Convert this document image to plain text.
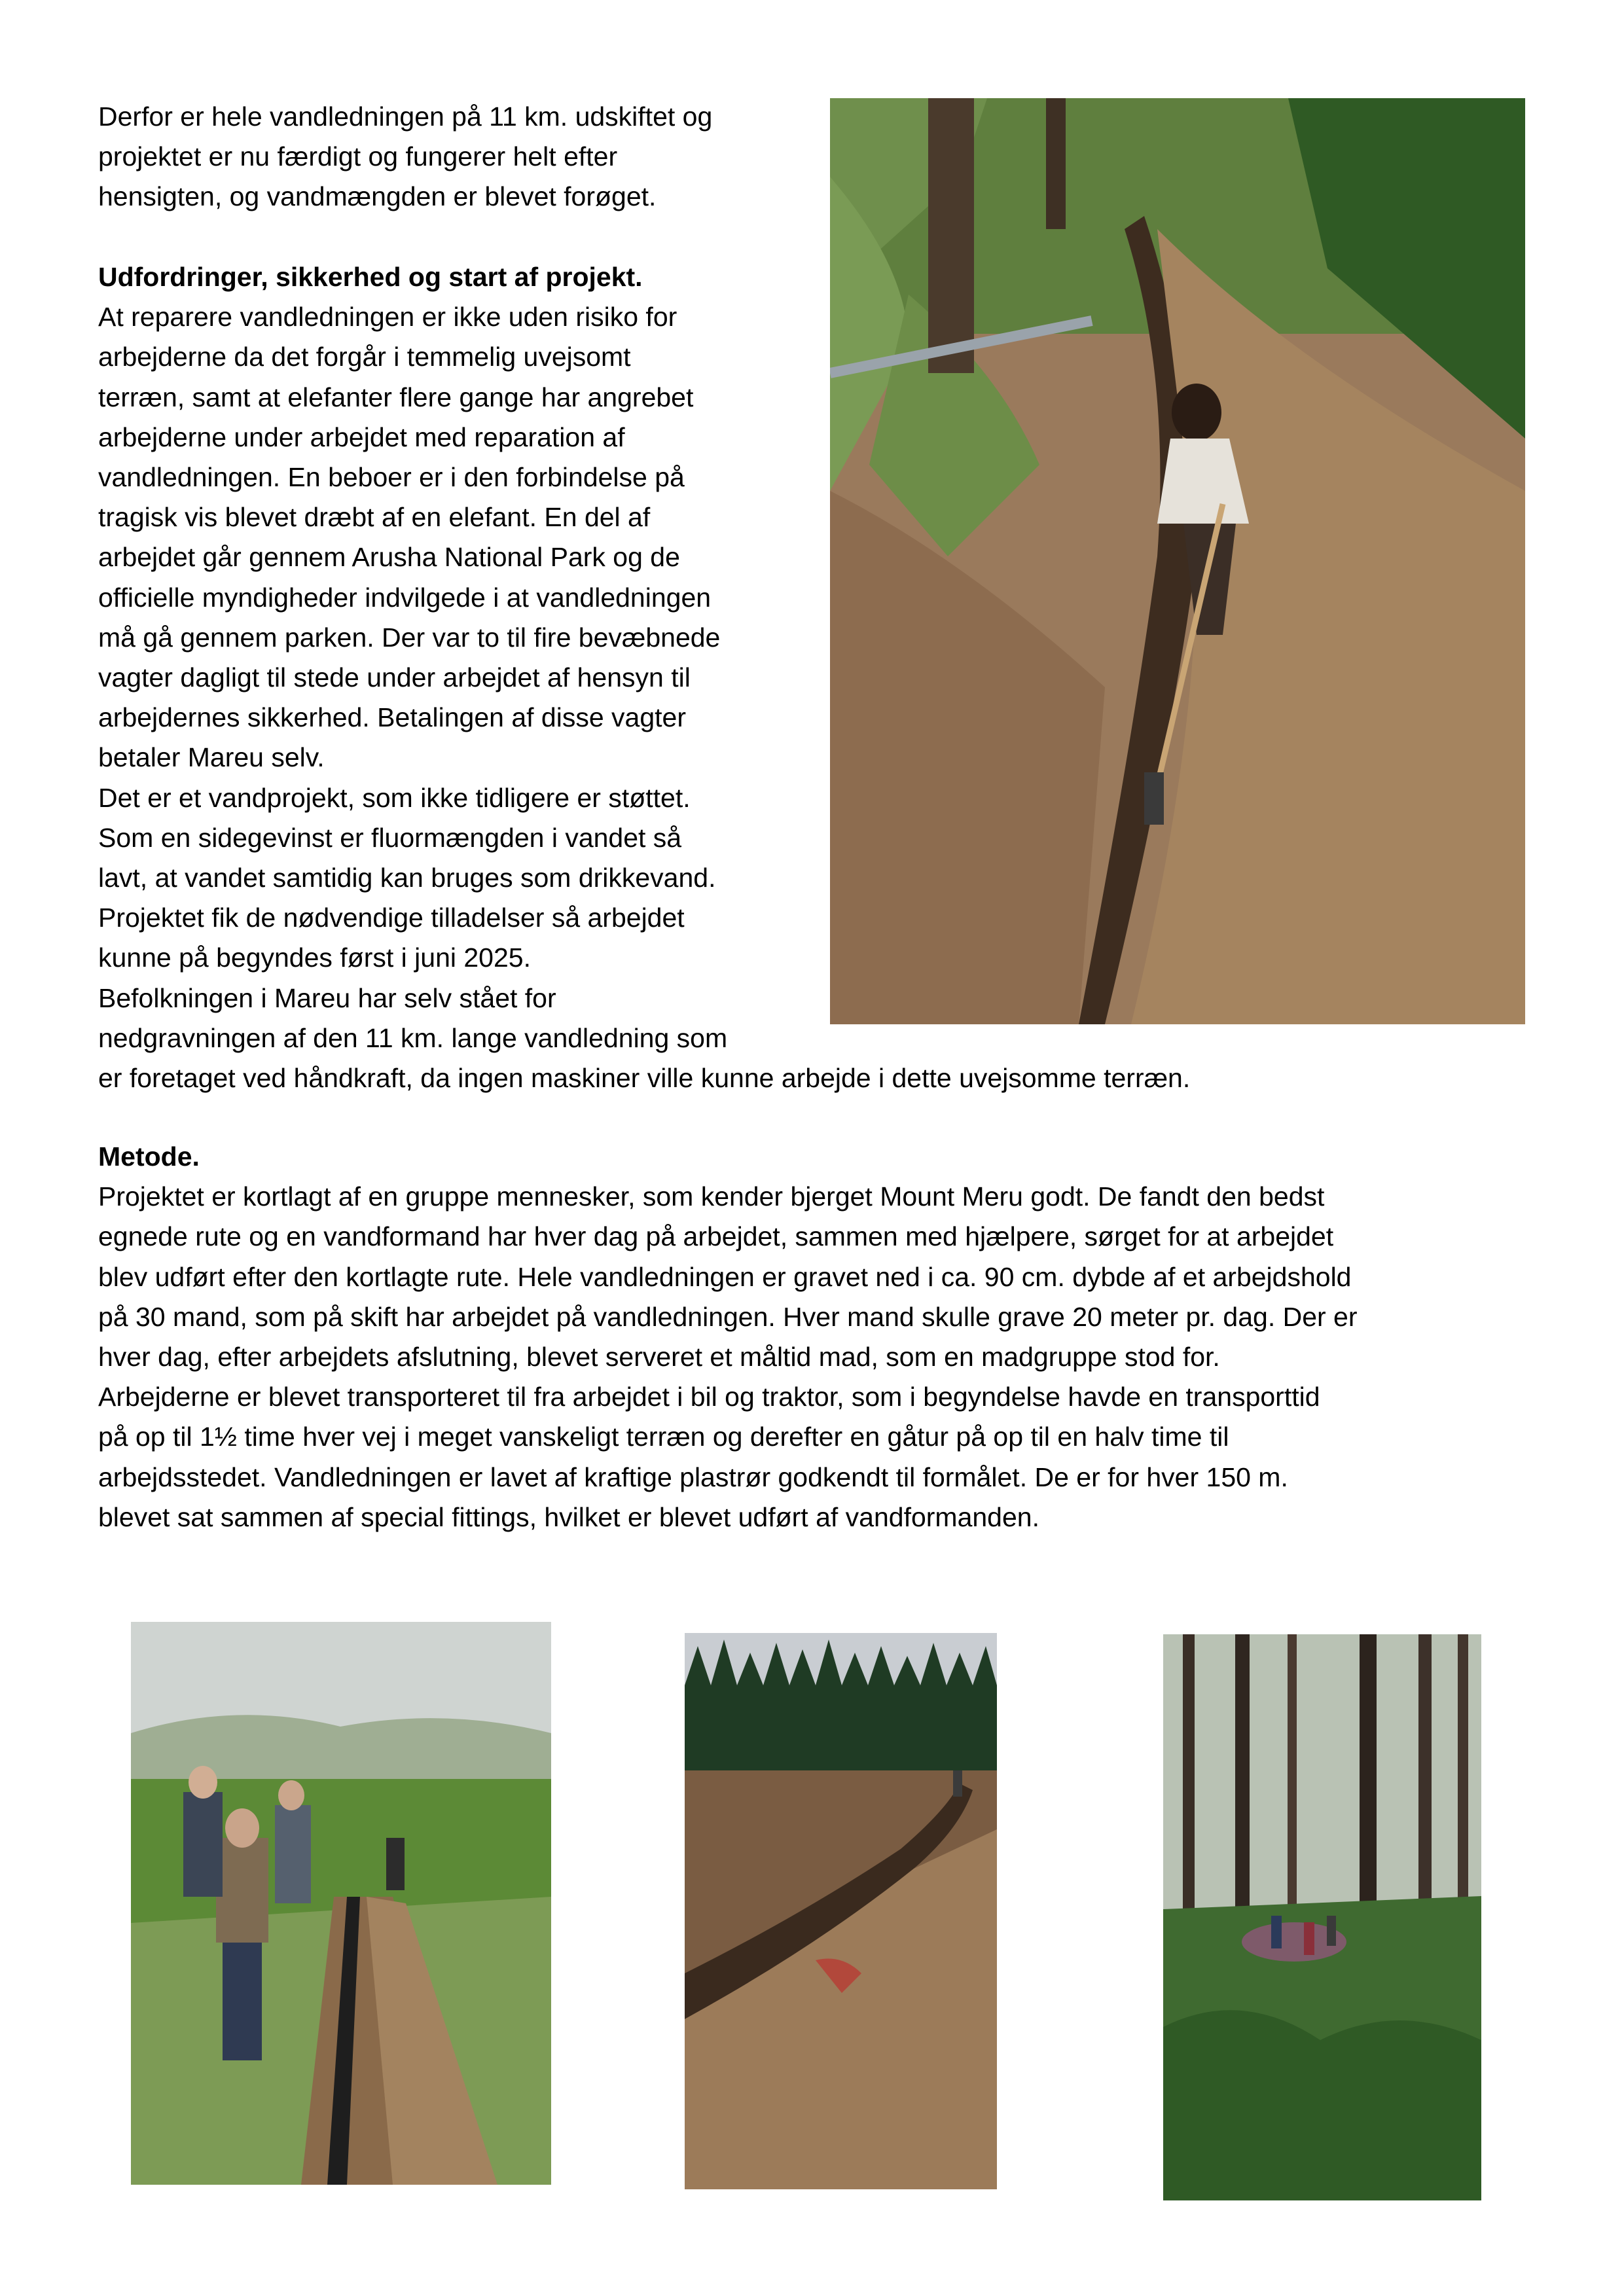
Derfor er hele vandledningen på 11 km. udskiftet og
projektet er nu færdigt og fungerer helt efter
hensigten, og vandmængden er blevet forøget.
Udfordringer, sikkerhed og start af projekt.
At reparere vandledningen er ikke uden risiko for
arbejderne da det forgår i temmelig uvejsomt
terræn, samt at elefanter flere gange har angrebet
arbejderne under arbejdet med reparation af
vandledningen. En beboer er i den forbindelse på
tragisk vis blevet dræbt af en elefant. En del af
arbejdet går gennem Arusha National Park og de
officielle myndigheder indvilgede i at vandledningen
må gå gennem parken. Der var to til fire bevæbnede
vagter dagligt til stede under arbejdet af hensyn til
arbejdernes sikkerhed. Betalingen af disse vagter
betaler Mareu selv.
Det er et vandprojekt, som ikke tidligere er støttet.
Som en sidegevinst er fluormængden i vandet så
lavt, at vandet samtidig kan bruges som drikkevand.
Projektet fik de nødvendige tilladelser så arbejdet
kunne på begyndes først i juni 2025.
Befolkningen i Mareu har selv stået for
nedgravningen af den 11 km. lange vandledning som
er foretaget ved håndkraft, da ingen maskiner ville kunne arbejde i dette uvejsomme terræn.
Metode.
Projektet er kortlagt af en gruppe mennesker, som kender bjerget Mount Meru godt. De fandt den bedst
egnede rute og en vandformand har hver dag på arbejdet, sammen med hjælpere, sørget for at arbejdet
blev udført efter den kortlagte rute. Hele vandledningen er gravet ned i ca. 90 cm. dybde af et arbejdshold
på 30 mand, som på skift har arbejdet på vandledningen. Hver mand skulle grave 20 meter pr. dag. Der er
hver dag, efter arbejdets afslutning, blevet serveret et måltid mad, som en madgruppe stod for.
Arbejderne er blevet transporteret til fra arbejdet i bil og traktor, som i begyndelse havde en transporttid
på op til 1½ time hver vej i meget vanskeligt terræn og derefter en gåtur på op til en halv time til
arbejdsstedet. Vandledningen er lavet af kraftige plastrør godkendt til formålet. De er for hver 150 m.
blevet sat sammen af special fittings, hvilket er blevet udført af vandformanden.
